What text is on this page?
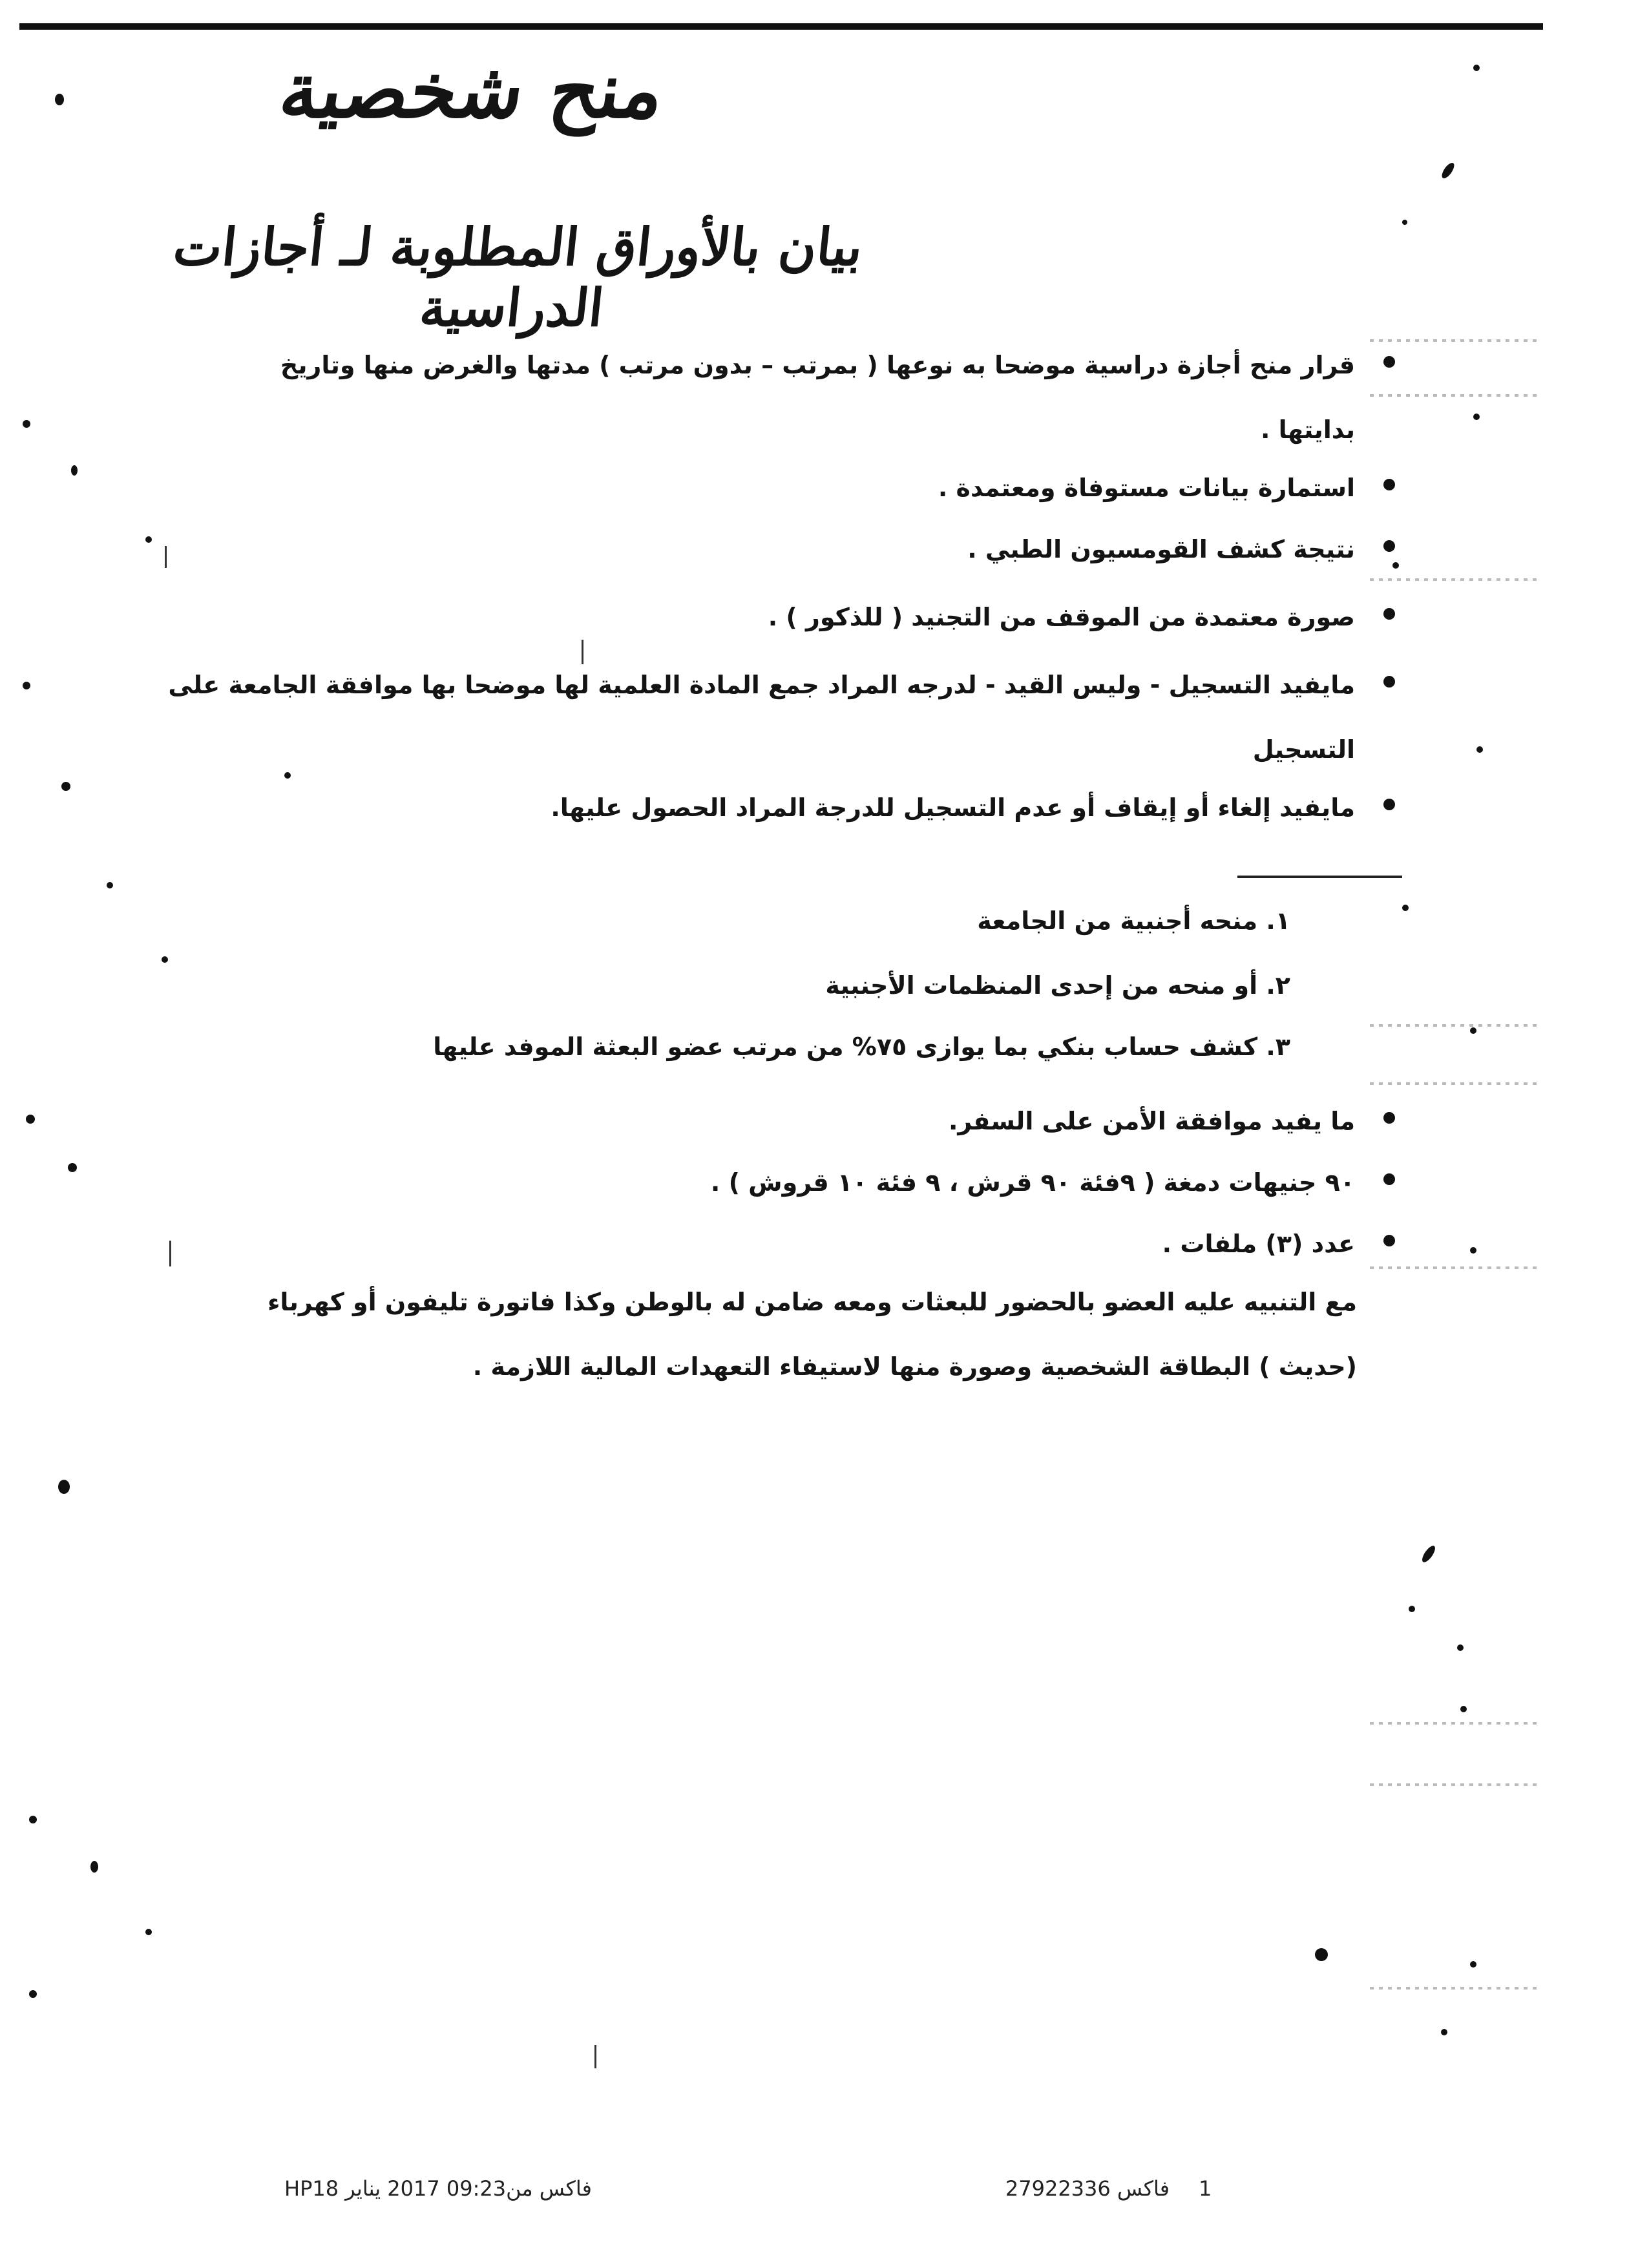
منح شخصية
بيان بالأوراق المطلوبة لـ أجازات الدراسية
قرار منح أجازة دراسية موضحا به نوعها ( بمرتب – بدون مرتب ) مدتها والغرض منها وتاريخ
بدايتها .
استمارة بيانات مستوفاة ومعتمدة .
نتيجة كشف القومسيون الطبي .
صورة معتمدة من الموقف من التجنيد ( للذكور ) .
مايفيد التسجيل - وليس القيد - لدرجه المراد جمع المادة العلمية لها موضحا بها موافقة الجامعة على
التسجيل
مايفيد إلغاء أو إيقاف أو عدم التسجيل للدرجة المراد الحصول عليها.
١. منحه أجنبية من الجامعة
٢. أو منحه من إحدى المنظمات الأجنبية
٣. كشف حساب بنكي بما يوازى ٧٥% من مرتب عضو البعثة الموفد عليها
ما يفيد موافقة الأمن على السفر.
٩٠ جنيهات دمغة ( ٩فئة ٩٠ قرش ، ٩ فئة ١٠ قروش ) .
عدد (٣) ملفات .
مع التنبيه عليه العضو بالحضور للبعثات ومعه ضامن له بالوطن وكذا فاتورة تليفون أو كهرباء
(حديث ) البطاقة الشخصية وصورة منها لاستيفاء التعهدات المالية اللازمة .
1
فاكس 27922336
HPفاكس من09:23 2017 يناير 18
